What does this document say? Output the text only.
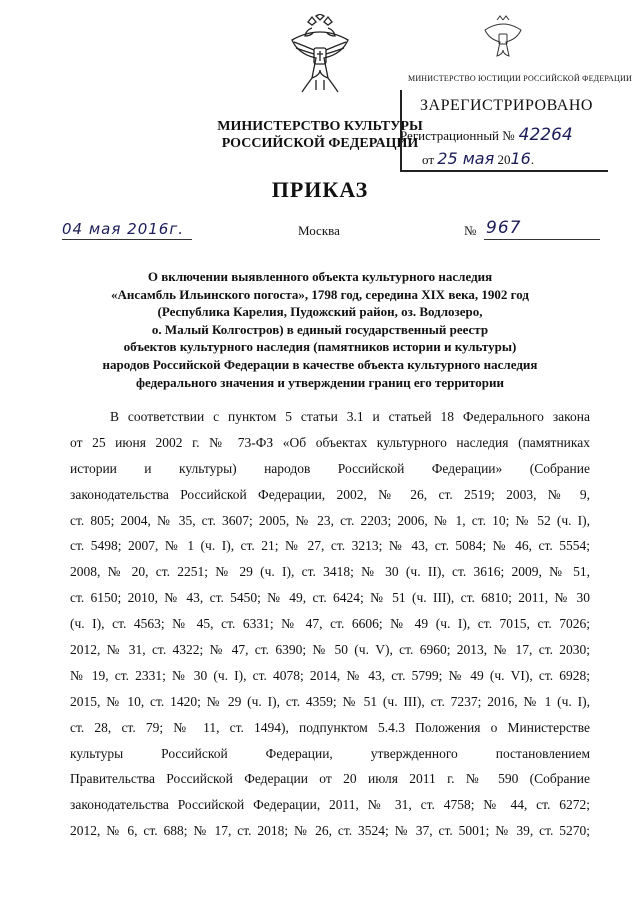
МИНИСТЕРСТВО КУЛЬТУРЫ
РОССИЙСКОЙ ФЕДЕРАЦИИ
МИНИСТЕРСТВО ЮСТИЦИИ РОССИЙСКОЙ ФЕДЕРАЦИИ
ЗАРЕГИСТРИРОВАНО
Регистрационный № 42264
от 25 мая 2016.
ПРИКАЗ
04 мая 2016г.	Москва	№ 967
О включении выявленного объекта культурного наследия
«Ансамбль Ильинского погоста», 1798 год, середина XIX века, 1902 год
(Республика Карелия, Пудожский район, оз. Водлозеро,
о. Малый Колгостров) в единый государственный реестр
объектов культурного наследия (памятников истории и культуры)
народов Российской Федерации в качестве объекта культурного наследия
федерального значения и утверждении границ его территории
В соответствии с пунктом 5 статьи 3.1 и статьей 18 Федерального закона
от 25 июня 2002 г. № 73-ФЗ «Об объектах культурного наследия (памятниках
истории и культуры) народов Российской Федерации» (Собрание
законодательства Российской Федерации, 2002, № 26, ст. 2519; 2003, № 9,
ст. 805; 2004, № 35, ст. 3607; 2005, № 23, ст. 2203; 2006, № 1, ст. 10; № 52 (ч. I),
ст. 5498; 2007, № 1 (ч. I), ст. 21; № 27, ст. 3213; № 43, ст. 5084; № 46, ст. 5554;
2008, № 20, ст. 2251; № 29 (ч. I), ст. 3418; № 30 (ч. II), ст. 3616; 2009, № 51,
ст. 6150; 2010, № 43, ст. 5450; № 49, ст. 6424; № 51 (ч. III), ст. 6810; 2011, № 30
(ч. I), ст. 4563; № 45, ст. 6331; № 47, ст. 6606; № 49 (ч. I), ст. 7015, ст. 7026;
2012, № 31, ст. 4322; № 47, ст. 6390; № 50 (ч. V), ст. 6960; 2013, № 17, ст. 2030;
№ 19, ст. 2331; № 30 (ч. I), ст. 4078; 2014, № 43, ст. 5799; № 49 (ч. VI), ст. 6928;
2015, № 10, ст. 1420; № 29 (ч. I), ст. 4359; № 51 (ч. III), ст. 7237; 2016, № 1 (ч. I),
ст. 28, ст. 79; № 11, ст. 1494), подпунктом 5.4.3 Положения о Министерстве
культуры Российской Федерации, утвержденного постановлением
Правительства Российской Федерации от 20 июля 2011 г. № 590 (Собрание
законодательства Российской Федерации, 2011, № 31, ст. 4758; № 44, ст. 6272;
2012, № 6, ст. 688; № 17, ст. 2018; № 26, ст. 3524; № 37, ст. 5001; № 39, ст. 5270;
